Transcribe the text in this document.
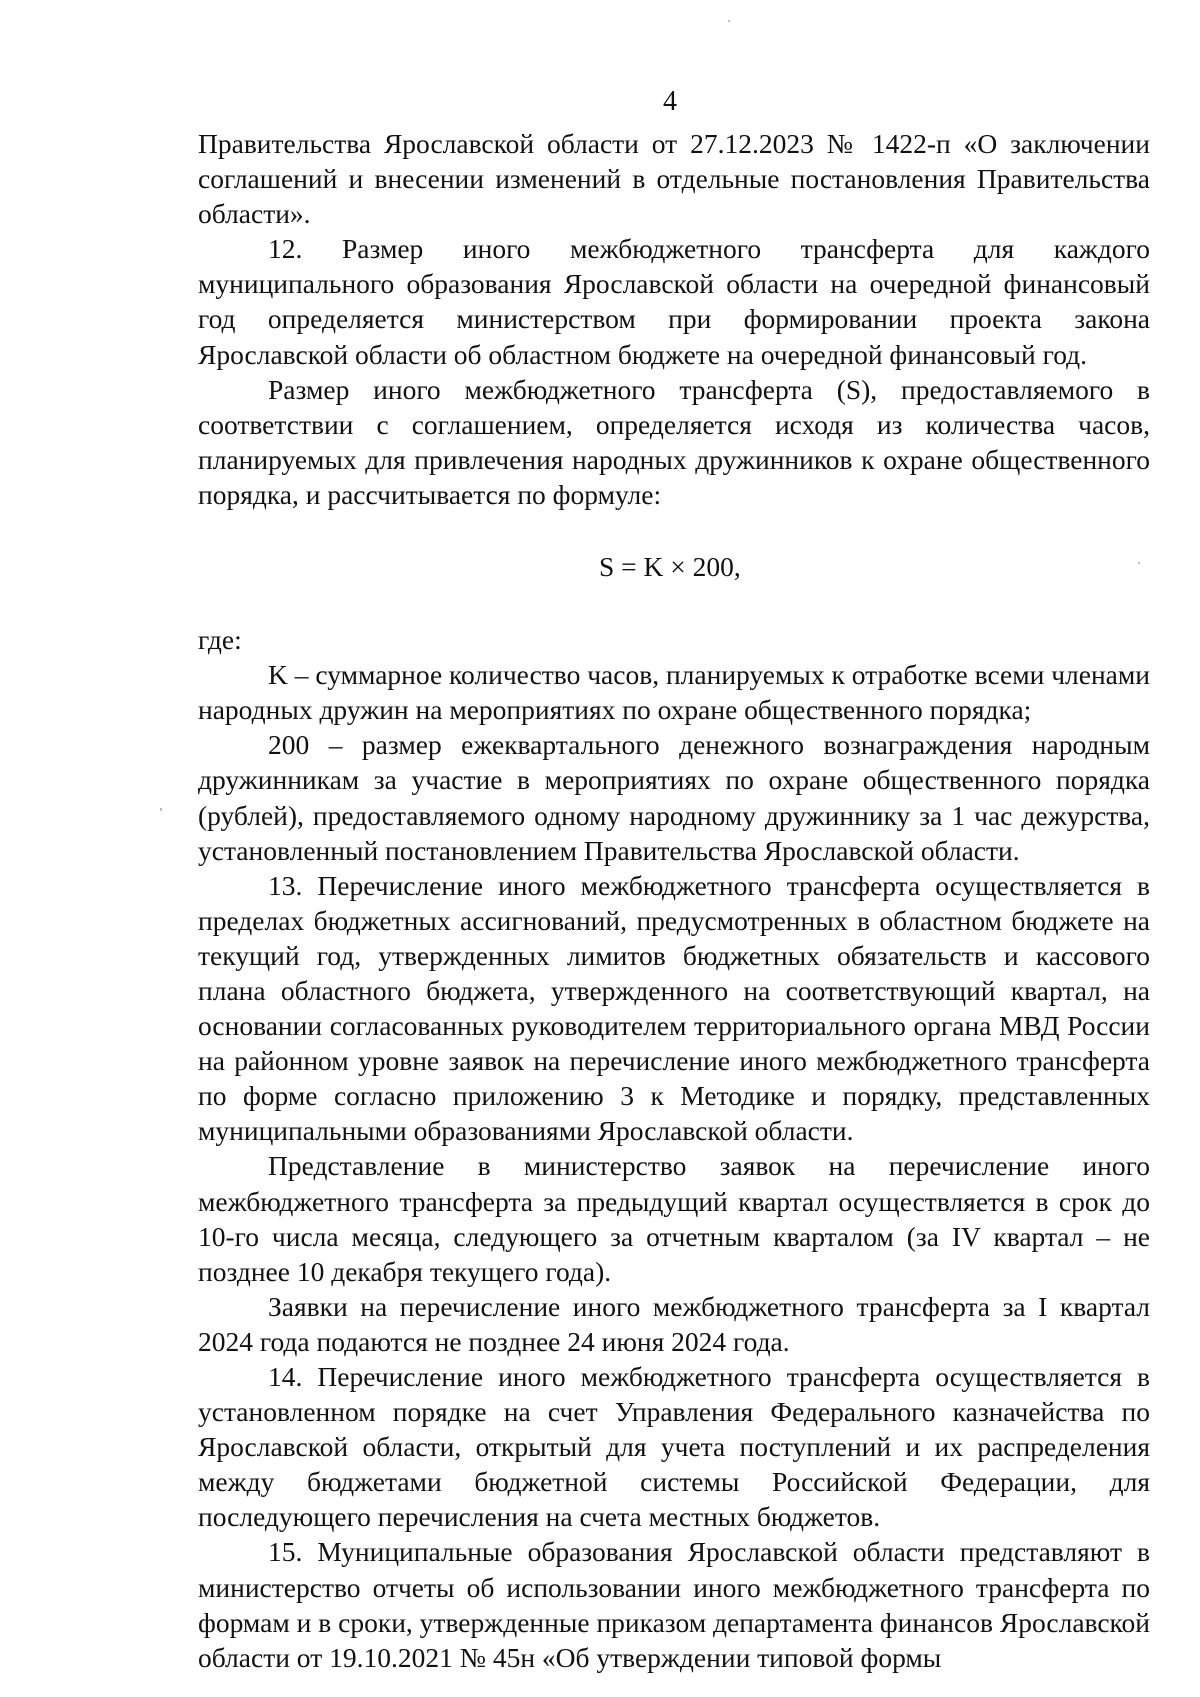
4

Правительства Ярославской области от 27.12.2023 № 1422-п «О заключении соглашений и внесении изменений в отдельные постановления Правительства области».

12. Размер иного межбюджетного трансферта для каждого муниципального образования Ярославской области на очередной финансовый год определяется министерством при формировании проекта закона Ярославской области об областном бюджете на очередной финансовый год.

Размер иного межбюджетного трансферта (S), предоставляемого в соответствии с соглашением, определяется исходя из количества часов, планируемых для привлечения народных дружинников к охране общественного порядка, и рассчитывается по формуле:

S = K × 200,

где:

K – суммарное количество часов, планируемых к отработке всеми членами народных дружин на мероприятиях по охране общественного порядка;

200 – размер ежеквартального денежного вознаграждения народным дружинникам за участие в мероприятиях по охране общественного порядка (рублей), предоставляемого одному народному дружиннику за 1 час дежурства, установленный постановлением Правительства Ярославской области.

13. Перечисление иного межбюджетного трансферта осуществляется в пределах бюджетных ассигнований, предусмотренных в областном бюджете на текущий год, утвержденных лимитов бюджетных обязательств и кассового плана областного бюджета, утвержденного на соответствующий квартал, на основании согласованных руководителем территориального органа МВД России на районном уровне заявок на перечисление иного межбюджетного трансферта по форме согласно приложению 3 к Методике и порядку, представленных муниципальными образованиями Ярославской области.

Представление в министерство заявок на перечисление иного межбюджетного трансферта за предыдущий квартал осуществляется в срок до 10-го числа месяца, следующего за отчетным кварталом (за IV квартал – не позднее 10 декабря текущего года).

Заявки на перечисление иного межбюджетного трансферта за I квартал 2024 года подаются не позднее 24 июня 2024 года.

14. Перечисление иного межбюджетного трансферта осуществляется в установленном порядке на счет Управления Федерального казначейства по Ярославской области, открытый для учета поступлений и их распределения между бюджетами бюджетной системы Российской Федерации, для последующего перечисления на счета местных бюджетов.

15. Муниципальные образования Ярославской области представляют в министерство отчеты об использовании иного межбюджетного трансферта по формам и в сроки, утвержденные приказом департамента финансов Ярославской области от 19.10.2021 № 45н «Об утверждении типовой формы
